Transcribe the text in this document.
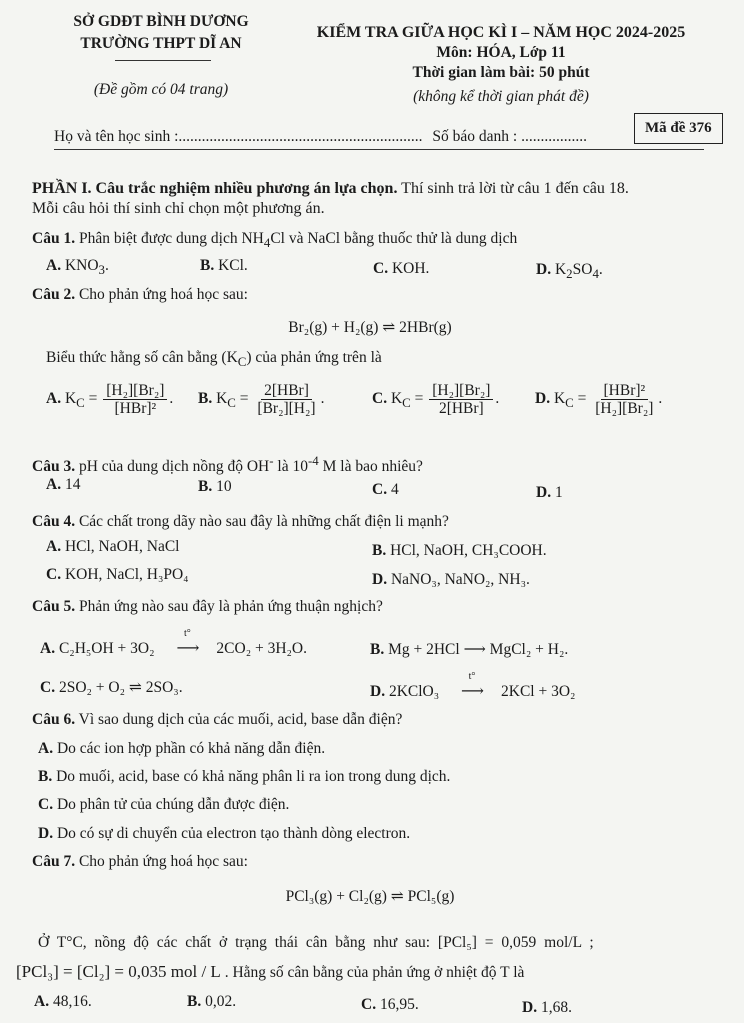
SỞ GDĐT BÌNH DƯƠNG
TRƯỜNG THPT DĨ AN
(Đề gồm có 04 trang)
KIỂM TRA GIỮA HỌC KÌ I – NĂM HỌC 2024-2025
Môn: HÓA, Lớp 11
Thời gian làm bài: 50 phút
(không kể thời gian phát đề)
Họ và tên học sinh :............................................................... Số báo danh : .................	Mã đề 376
PHẦN I. Câu trắc nghiệm nhiều phương án lựa chọn. Thí sinh trả lời từ câu 1 đến câu 18.
Mỗi câu hỏi thí sinh chỉ chọn một phương án.
Câu 1. Phân biệt được dung dịch $NH_4Cl$ và NaCl bằng thuốc thử là dung dịch
A. $KNO_3$.	B. KCl.	C. KOH.	D. $K_2SO_4$.
Câu 2. Cho phản ứng hoá học sau:
Br₂(g) + H₂(g) ⇌ 2HBr(g)
Biểu thức hằng số cân bằng $(K_C)$ của phản ứng trên là
A. $K_C = \frac{\text{[H₂][Br₂]}}{\text{[HBr]²}}$ . B. $K_C = \frac{\text{2[HBr]}}{\text{[Br₂][H₂]}}$ .	C. $K_C = \frac{\text{[H₂][Br₂]}}{\text{2[HBr]}}$ . D. $K_C = \frac{\text{[HBr]²}}{\text{[H₂][Br₂]}}$ .
Câu 3. pH của dung dịch nồng độ OH- là $10^{-4}$ M là bao nhiêu?
A. 14	B. 10	C. 4	D. 1
Câu 4. Các chất trong dãy nào sau đây là những chất điện li mạnh?
A. HCl, NaOH, NaCl	B. HCl, NaOH, CH₃COOH.
C. KOH, NaCl, H₃PO₄	D. NaNO₃, NaNO₂, NH₃.
Câu 5. Phản ứng nào sau đây là phản ứng thuận nghịch?
A. C₂H₅OH + 3O₂
t°
⟶ 2CO₂ + 3H₂O.	B. Mg + 2HCl ⟶ MgCl₂ + H₂.
C. 2SO₂ + O₂ ⇌ 2SO₃.	D. 2KClO₃
t°
⟶ 2KCl + 3O₂
Câu 6. Vì sao dung dịch của các muối, acid, base dẫn điện?
A. Do các ion hợp phần có khả năng dẫn điện.
B. Do muối, acid, base có khả năng phân li ra ion trong dung dịch.
C. Do phân tử của chúng dẫn được điện.
D. Do có sự di chuyển của electron tạo thành dòng electron.
Câu 7. Cho phản ứng hoá học sau:
PCl₃(g) + Cl₂(g) ⇌ PCl₅(g)
Ở T°C, nồng độ các chất ở trạng thái cân bằng như sau: [PCl₅] = 0,059 mol/L ;
[PCl₃] = [Cl₂] = 0,035 mol / L . Hằng số cân bằng của phản ứng ở nhiệt độ T là
A. 48,16.	B. 0,02.	C. 16,95.	D. 1,68.
